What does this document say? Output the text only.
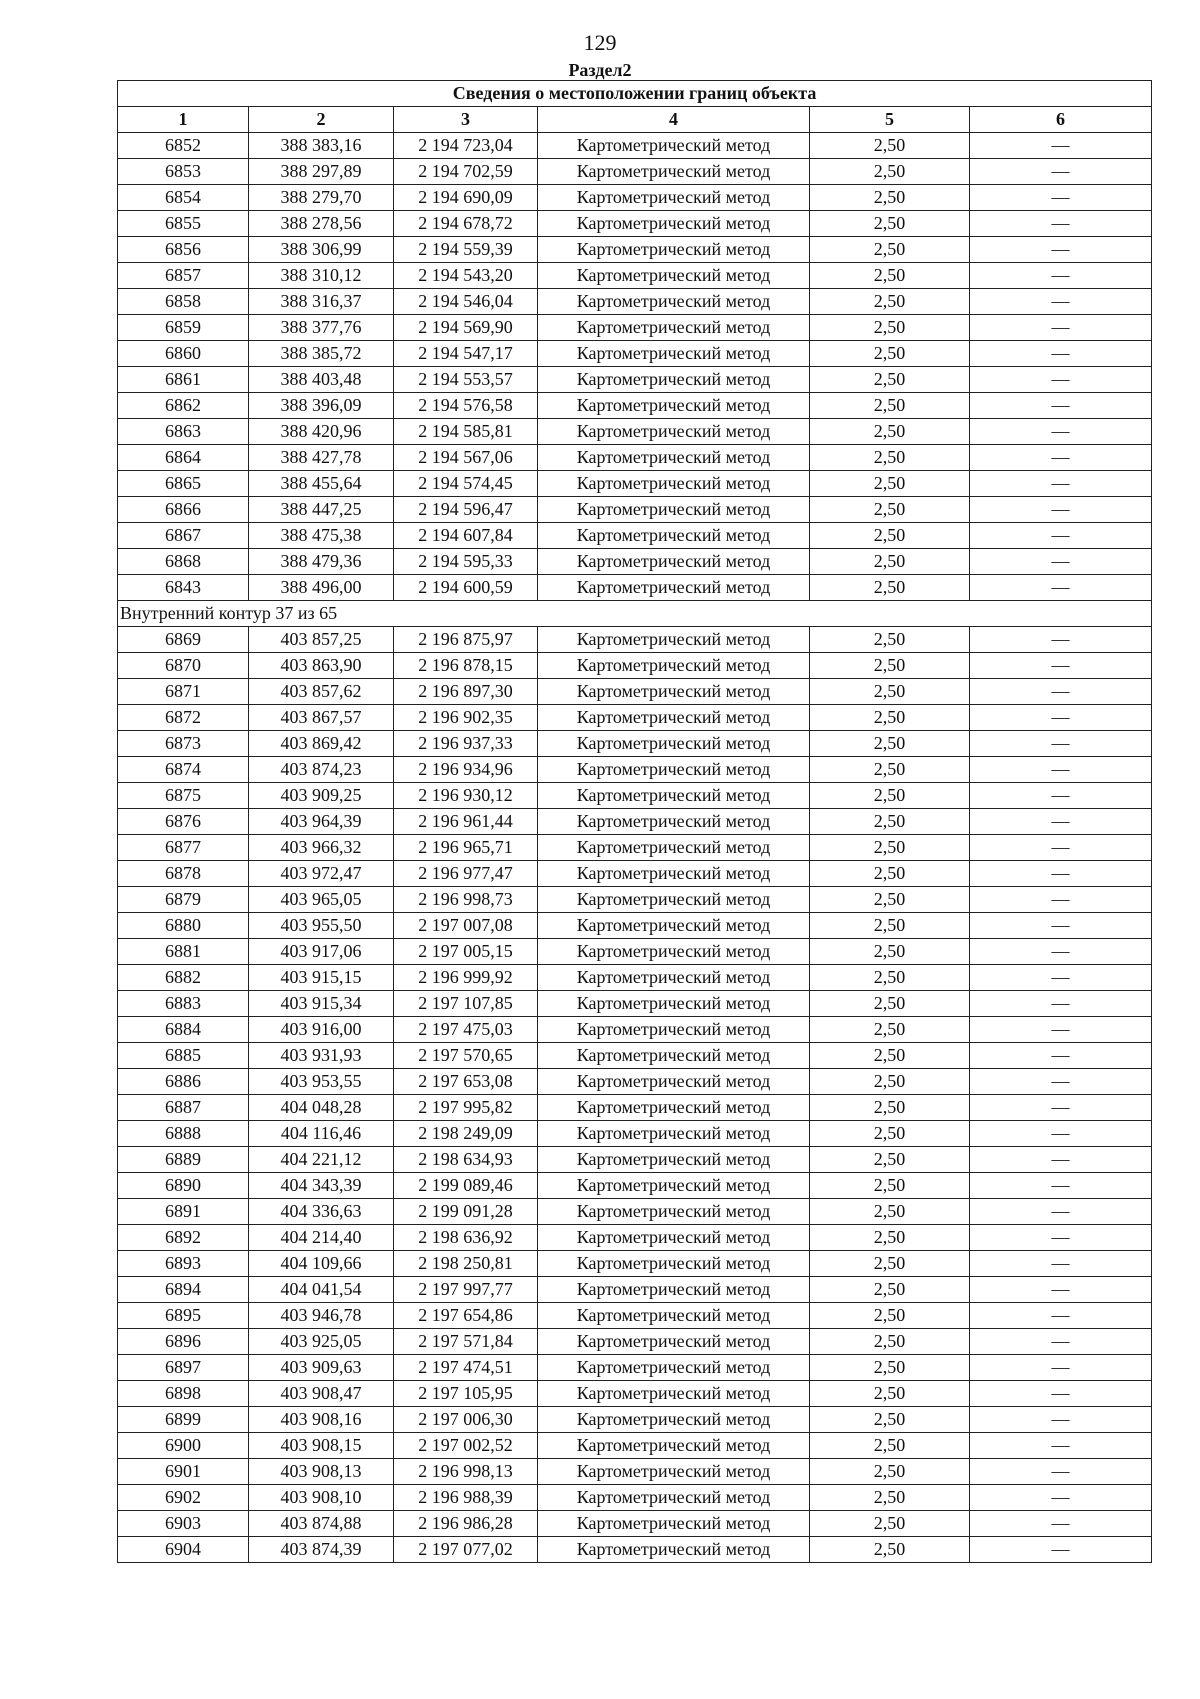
129
Раздел2
Сведения о местоположении границ объекта					
1	2	3	4	5	6
6852	388 383,16	2 194 723,04	Картометрический метод	2,50	—
6853	388 297,89	2 194 702,59	Картометрический метод	2,50	—
6854	388 279,70	2 194 690,09	Картометрический метод	2,50	—
6855	388 278,56	2 194 678,72	Картометрический метод	2,50	—
6856	388 306,99	2 194 559,39	Картометрический метод	2,50	—
6857	388 310,12	2 194 543,20	Картометрический метод	2,50	—
6858	388 316,37	2 194 546,04	Картометрический метод	2,50	—
6859	388 377,76	2 194 569,90	Картометрический метод	2,50	—
6860	388 385,72	2 194 547,17	Картометрический метод	2,50	—
6861	388 403,48	2 194 553,57	Картометрический метод	2,50	—
6862	388 396,09	2 194 576,58	Картометрический метод	2,50	—
6863	388 420,96	2 194 585,81	Картометрический метод	2,50	—
6864	388 427,78	2 194 567,06	Картометрический метод	2,50	—
6865	388 455,64	2 194 574,45	Картометрический метод	2,50	—
6866	388 447,25	2 194 596,47	Картометрический метод	2,50	—
6867	388 475,38	2 194 607,84	Картометрический метод	2,50	—
6868	388 479,36	2 194 595,33	Картометрический метод	2,50	—
6843	388 496,00	2 194 600,59	Картометрический метод	2,50	—
Внутренний контур 37 из 65					
6869	403 857,25	2 196 875,97	Картометрический метод	2,50	—
6870	403 863,90	2 196 878,15	Картометрический метод	2,50	—
6871	403 857,62	2 196 897,30	Картометрический метод	2,50	—
6872	403 867,57	2 196 902,35	Картометрический метод	2,50	—
6873	403 869,42	2 196 937,33	Картометрический метод	2,50	—
6874	403 874,23	2 196 934,96	Картометрический метод	2,50	—
6875	403 909,25	2 196 930,12	Картометрический метод	2,50	—
6876	403 964,39	2 196 961,44	Картометрический метод	2,50	—
6877	403 966,32	2 196 965,71	Картометрический метод	2,50	—
6878	403 972,47	2 196 977,47	Картометрический метод	2,50	—
6879	403 965,05	2 196 998,73	Картометрический метод	2,50	—
6880	403 955,50	2 197 007,08	Картометрический метод	2,50	—
6881	403 917,06	2 197 005,15	Картометрический метод	2,50	—
6882	403 915,15	2 196 999,92	Картометрический метод	2,50	—
6883	403 915,34	2 197 107,85	Картометрический метод	2,50	—
6884	403 916,00	2 197 475,03	Картометрический метод	2,50	—
6885	403 931,93	2 197 570,65	Картометрический метод	2,50	—
6886	403 953,55	2 197 653,08	Картометрический метод	2,50	—
6887	404 048,28	2 197 995,82	Картометрический метод	2,50	—
6888	404 116,46	2 198 249,09	Картометрический метод	2,50	—
6889	404 221,12	2 198 634,93	Картометрический метод	2,50	—
6890	404 343,39	2 199 089,46	Картометрический метод	2,50	—
6891	404 336,63	2 199 091,28	Картометрический метод	2,50	—
6892	404 214,40	2 198 636,92	Картометрический метод	2,50	—
6893	404 109,66	2 198 250,81	Картометрический метод	2,50	—
6894	404 041,54	2 197 997,77	Картометрический метод	2,50	—
6895	403 946,78	2 197 654,86	Картометрический метод	2,50	—
6896	403 925,05	2 197 571,84	Картометрический метод	2,50	—
6897	403 909,63	2 197 474,51	Картометрический метод	2,50	—
6898	403 908,47	2 197 105,95	Картометрический метод	2,50	—
6899	403 908,16	2 197 006,30	Картометрический метод	2,50	—
6900	403 908,15	2 197 002,52	Картометрический метод	2,50	—
6901	403 908,13	2 196 998,13	Картометрический метод	2,50	—
6902	403 908,10	2 196 988,39	Картометрический метод	2,50	—
6903	403 874,88	2 196 986,28	Картометрический метод	2,50	—
6904	403 874,39	2 197 077,02	Картометрический метод	2,50	—
